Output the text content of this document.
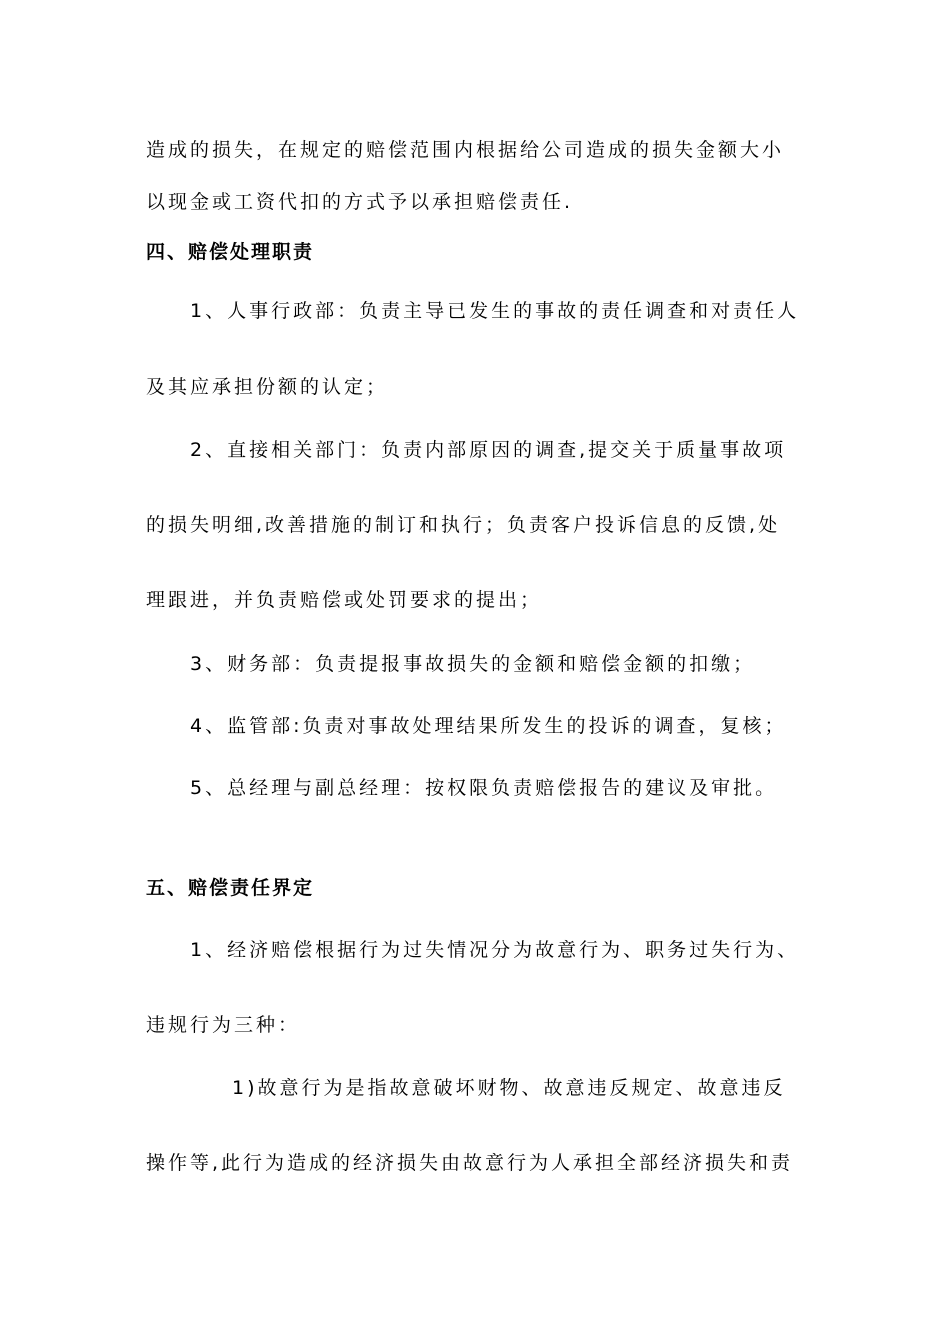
造成的损失，在规定的赔偿范围内根据给公司造成的损失金额大小
以现金或工资代扣的方式予以承担赔偿责任.
四、赔偿处理职责
1、人事行政部：负责主导已发生的事故的责任调查和对责任人
及其应承担份额的认定；
2、直接相关部门：负责内部原因的调查,提交关于质量事故项
的损失明细,改善措施的制订和执行；负责客户投诉信息的反馈,处
理跟进，并负责赔偿或处罚要求的提出；
3、财务部：负责提报事故损失的金额和赔偿金额的扣缴；
4、监管部:负责对事故处理结果所发生的投诉的调查，复核；
5、总经理与副总经理：按权限负责赔偿报告的建议及审批。
五、赔偿责任界定
1、经济赔偿根据行为过失情况分为故意行为、职务过失行为、
违规行为三种：
1)故意行为是指故意破坏财物、故意违反规定、故意违反
操作等,此行为造成的经济损失由故意行为人承担全部经济损失和责
